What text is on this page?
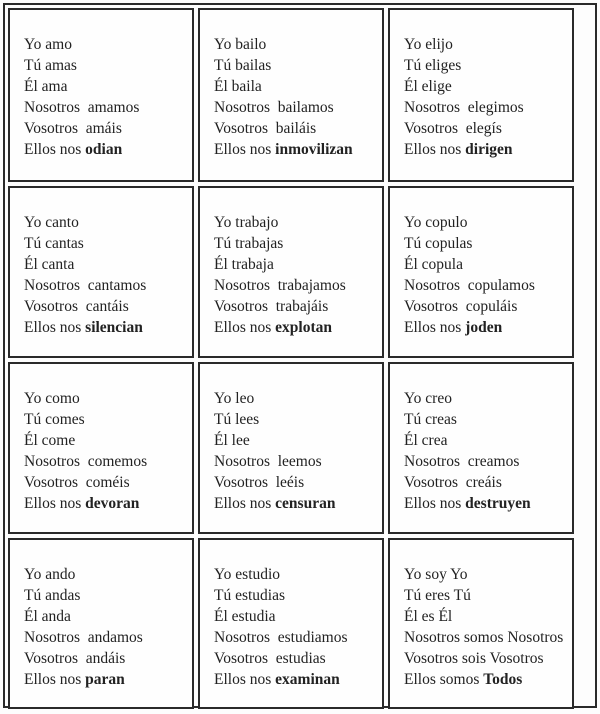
Yo amo
Tú amas
Él ama
Nosotros amamos
Vosotros amáis
Ellos nos odian
Yo bailo
Tú bailas
Él baila
Nosotros bailamos
Vosotros bailáis
Ellos nos inmovilizan
Yo elijo
Tú eliges
Él elige
Nosotros elegimos
Vosotros elegís
Ellos nos dirigen
Yo canto
Tú cantas
Él canta
Nosotros cantamos
Vosotros cantáis
Ellos nos silencian
Yo trabajo
Tú trabajas
Él trabaja
Nosotros trabajamos
Vosotros trabajáis
Ellos nos explotan
Yo copulo
Tú copulas
Él copula
Nosotros copulamos
Vosotros copuláis
Ellos nos joden
Yo como
Tú comes
Él come
Nosotros comemos
Vosotros coméis
Ellos nos devoran
Yo leo
Tú lees
Él lee
Nosotros leemos
Vosotros leéis
Ellos nos censuran
Yo creo
Tú creas
Él crea
Nosotros creamos
Vosotros creáis
Ellos nos destruyen
Yo ando
Tú andas
Él anda
Nosotros andamos
Vosotros andáis
Ellos nos paran
Yo estudio
Tú estudias
Él estudia
Nosotros estudiamos
Vosotros estudias
Ellos nos examinan
Yo soy Yo
Tú eres Tú
Él es Él
Nosotros somos Nosotros
Vosotros sois Vosotros
Ellos somos Todos
